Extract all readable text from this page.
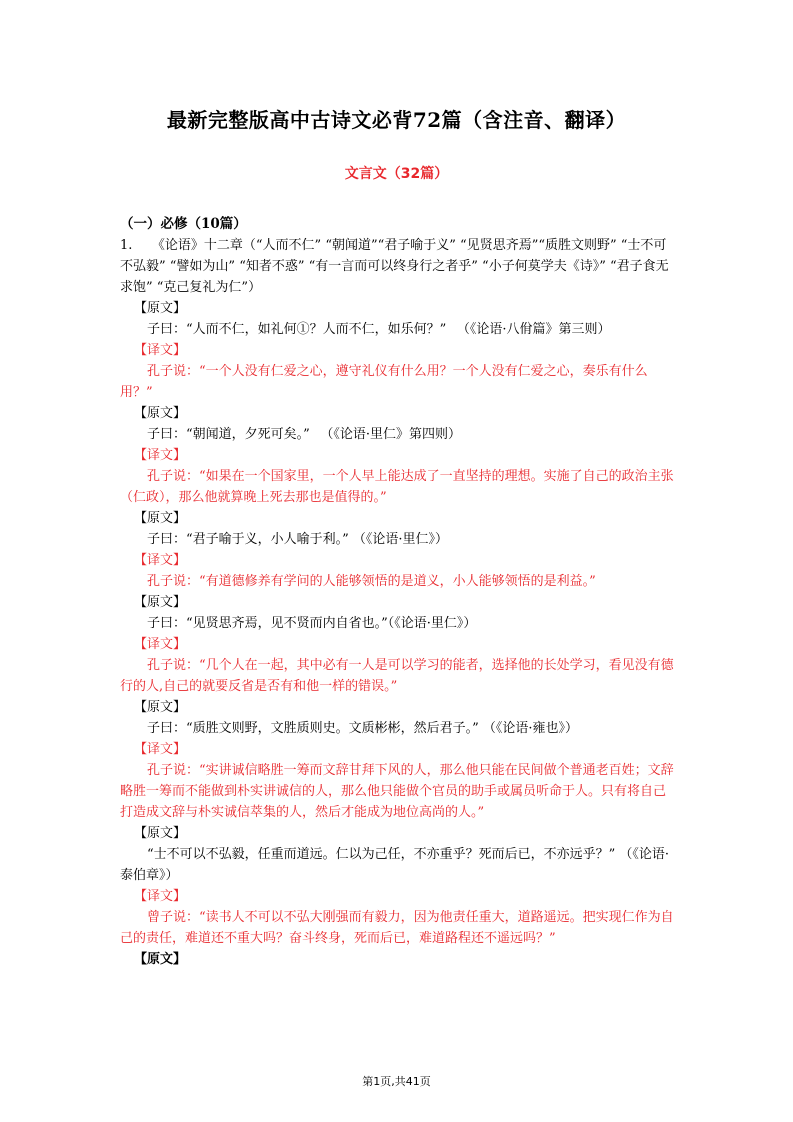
最新完整版高中古诗文必背72篇（含注音、翻译）
文言文（32篇）

（一）必修（10篇）

1.　　《论语》十二章（“人而不仁” “朝闻道”“君子喻于义” “见贤思齐焉”“质胜文则野” “士不可不弘毅” “譬如为山” “知者不惑” “有一言而可以终身行之者乎” “小子何莫学夫《诗》” “君子食无求饱” “克己复礼为仁”）

【原文】

子曰：“人而不仁，如礼何①？人而不仁，如乐何？” 　（《论语·八佾篇》第三则）

【译文】

孔子说：“一个人没有仁爱之心，遵守礼仪有什么用？一个人没有仁爱之心，奏乐有什么用？”

【原文】

子曰：“朝闻道，夕死可矣。” 　（《论语·里仁》第四则）

【译文】

孔子说：“如果在一个国家里，一个人早上能达成了一直坚持的理想。实施了自己的政治主张（仁政），那么他就算晚上死去那也是值得的。”

【原文】

子曰：“君子喻于义，小人喻于利。” （《论语·里仁》）

【译文】

孔子说：“有道德修养有学问的人能够领悟的是道义，小人能够领悟的是利益。”

【原文】

子曰：“见贤思齐焉，见不贤而内自省也。”（《论语·里仁》）

【译文】

孔子说：“几个人在一起，其中必有一人是可以学习的能者，选择他的长处学习，看见没有德行的人,自己的就要反省是否有和他一样的错误。”

【原文】

子曰：“质胜文则野，文胜质则史。文质彬彬，然后君子。” （《论语·雍也》）

【译文】

孔子说：“实讲诚信略胜一筹而文辞甘拜下风的人，那么他只能在民间做个普通老百姓；文辞略胜一筹而不能做到朴实讲诚信的人，那么他只能做个官员的助手或属员听命于人。只有将自己打造成文辞与朴实诚信萃集的人，然后才能成为地位高尚的人。”

【原文】

“士不可以不弘毅，任重而道远。仁以为己任，不亦重乎？死而后已，不亦远乎？” （《论语·泰伯章》）

【译文】

曾子说：“读书人不可以不弘大刚强而有毅力，因为他责任重大，道路遥远。把实现仁作为自己的责任，难道还不重大吗？奋斗终身，死而后已，难道路程还不遥远吗？”

【原文】

第1页,共41页
